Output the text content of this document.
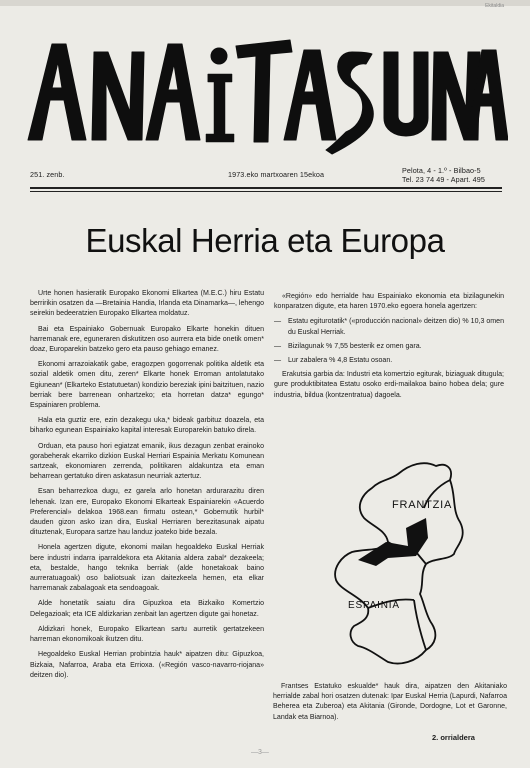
Ekitaldia
ANAITASUNA
251. zenb.	1973.eko martxoaren 15ekoa	Pelota, 4 - 1.º - Bilbao-5
Tel. 23 74 49 - Apart. 495
Euskal Herria eta Europa

Urte honen hasieratik Europako Ekonomi Elkartea (M.E.C.) hiru Estatu berririkin osatzen da —Bretainia Handia, Irlanda eta Dinamarka—, lehengo seirekin bedeeratzien Europako Elkartea moldatuz.

Bai eta Espainiako Gobernuak Europako Elkarte honekin dituen harremanak ere, eguneraren diskutitzen oso aurrera eta bide onetik omen* doaz, Europarekin batzeko gero eta pauso gehiago emanez.

Ekonomi arrazoiakatik gabe, eragozpen gogorrenak politika aldetik eta sozial aldetik omen ditu, zeren* Elkarte honek Erroman antolatutako Egiunean* (Elkarteko Estatutuetan) kondizio bereziak ipini baitzituen, nazio berriak bere barrenean onhartzeko; eta horretan datza* egungo* Espainiaren problema.

Hala eta guztiz ere, ezin dezakegu uka,* bideak garbituz doazela, eta biharko egunean Espainiako kapital interesak Europarekin batuko direla.

Orduan, eta pauso hori egiatzat emanik, ikus dezagun zenbat erainoko gorabeherak ekarriko dizkion Euskal Herriari Espainia Merkatu Komunean sartzeak, ekonomiaren zerrenda, politikaren aldakuntza eta eman beharrean gertatuko diren askatasun neurriak aztertuz.

Esan beharrezkoa dugu, ez garela arlo honetan ardurarazitu diren lehenak. Izan ere, Europako Ekonomi Elkarteak Espainiarekin «Acuerdo Preferencial» delakoa 1968.ean firmatu ostean,* Gobernutik hurbil* dauden gizon asko izan dira, Euskal Herriaren berezitasunak aipatu dituztenak, Europara sartze hau landuz joateko bide bezala.

Honela agertzen digute, ekonomi mailan hegoaldeko Euskal Herriak bere industri indarra iparraldekora eta Akitania aldera zabal* dezakeela; eta, bestalde, hango teknika berriak (alde honetakoak baino aurreratuagoak) oso baliotsuak izan daitezkeela hemen, eta elkar harremanak zabalagoak eta sendoagoak.

Alde honetatik saiatu dira Gipuzkoa eta Bizkaiko Komertzio Delegazioak; eta ICE aldizkarian zenbait lan agertzen digute gai honetaz.

Aldizkari honek, Europako Elkartean sartu aurretik gertatzekeen harreman ekonomikoak ikutzen ditu.

Hegoaldeko Euskal Herrian probintzia hauk* aipatzen ditu: Gipuzkoa, Bizkaia, Nafarroa, Araba eta Errioxa. («Región vasco-navarro-riojana» deitzen dio).

«Región» edo herrialde hau Espainiako ekonomia eta bizilagunekin konparatzen digute, eta haren 1970.eko egoera honela agertzen:

— Estatu egiturotatik* («producción nacional» deitzen dio) % 10,3 omen du Euskal Herriak.
— Bizilagunak % 7,55 besterik ez omen gara.
— Lur zabalera % 4,8 Estatu osoan.

Erakutsia garbia da: Industri eta komertzio egiturak, biziaguak ditugula; gure produktibitatea Estatu osoko erdi-mailakoa baino hobea dela; gure industria, bildua (kontzentratua) dagoela.

FRANTZIA
ESPAINIA

Frantses Estatuko eskualde* hauk dira, aipatzen den Akitaniako herrialde zabal hori osatzen dutenak: Ipar Euskal Herria (Lapurdi, Nafarroa Beherea eta Zuberoa) eta Akitania (Gironde, Dordogne, Lot et Garonne, Landak eta Biarnoa).

2. orrialdera
—3—
